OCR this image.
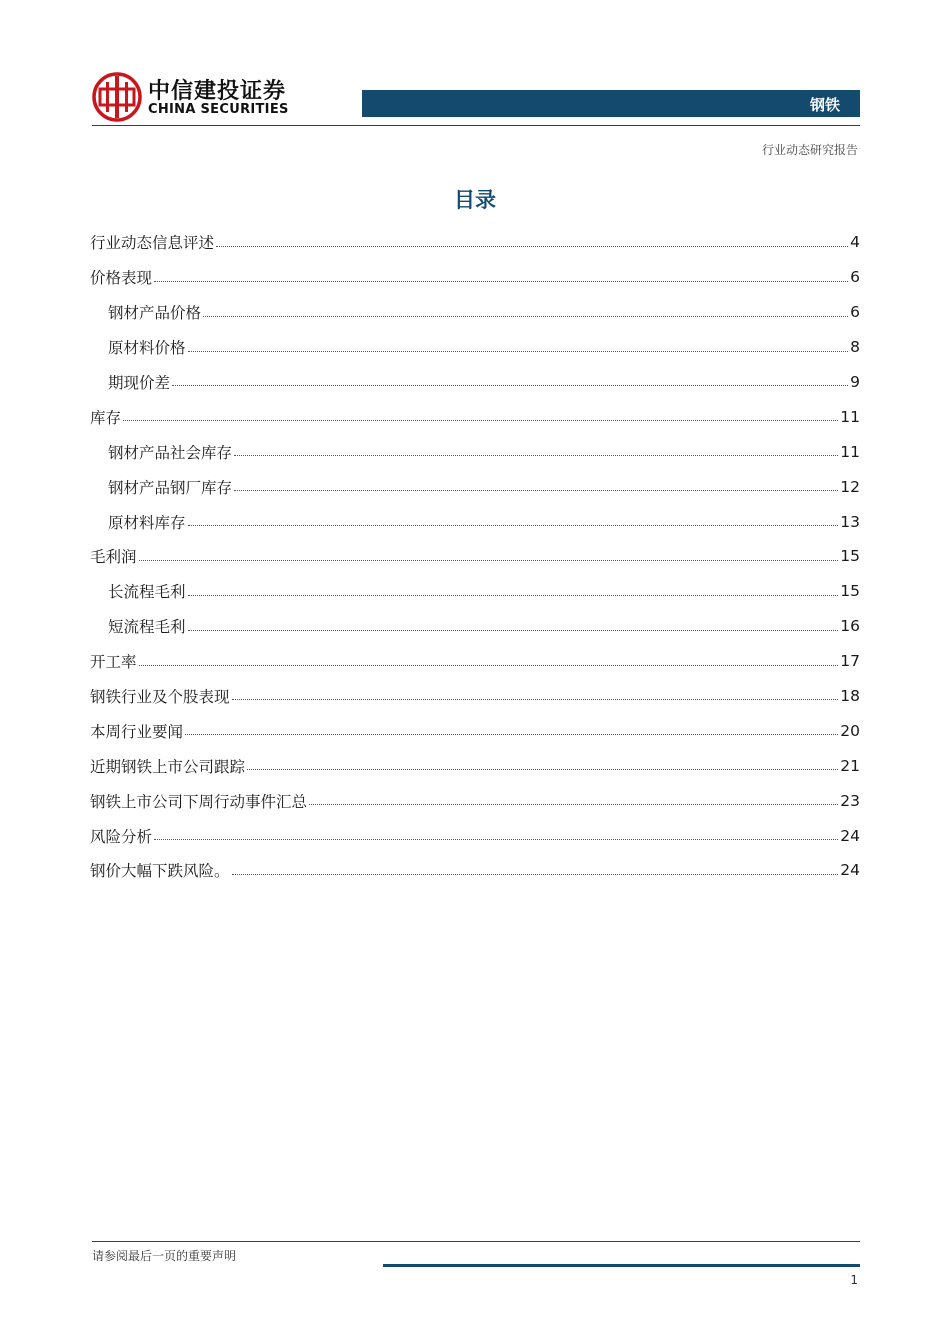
中信建投证券
CHINA SECURITIES	钢铁
行业动态研究报告
目录
行业动态信息评述	4
价格表现	6
钢材产品价格	6
原材料价格	8
期现价差	9
库存	11
钢材产品社会库存	11
钢材产品钢厂库存	12
原材料库存	13
毛利润	15
长流程毛利	15
短流程毛利	16
开工率	17
钢铁行业及个股表现	18
本周行业要闻	20
近期钢铁上市公司跟踪	21
钢铁上市公司下周行动事件汇总	23
风险分析	24
钢价大幅下跌风险。	24
请参阅最后一页的重要声明
1
